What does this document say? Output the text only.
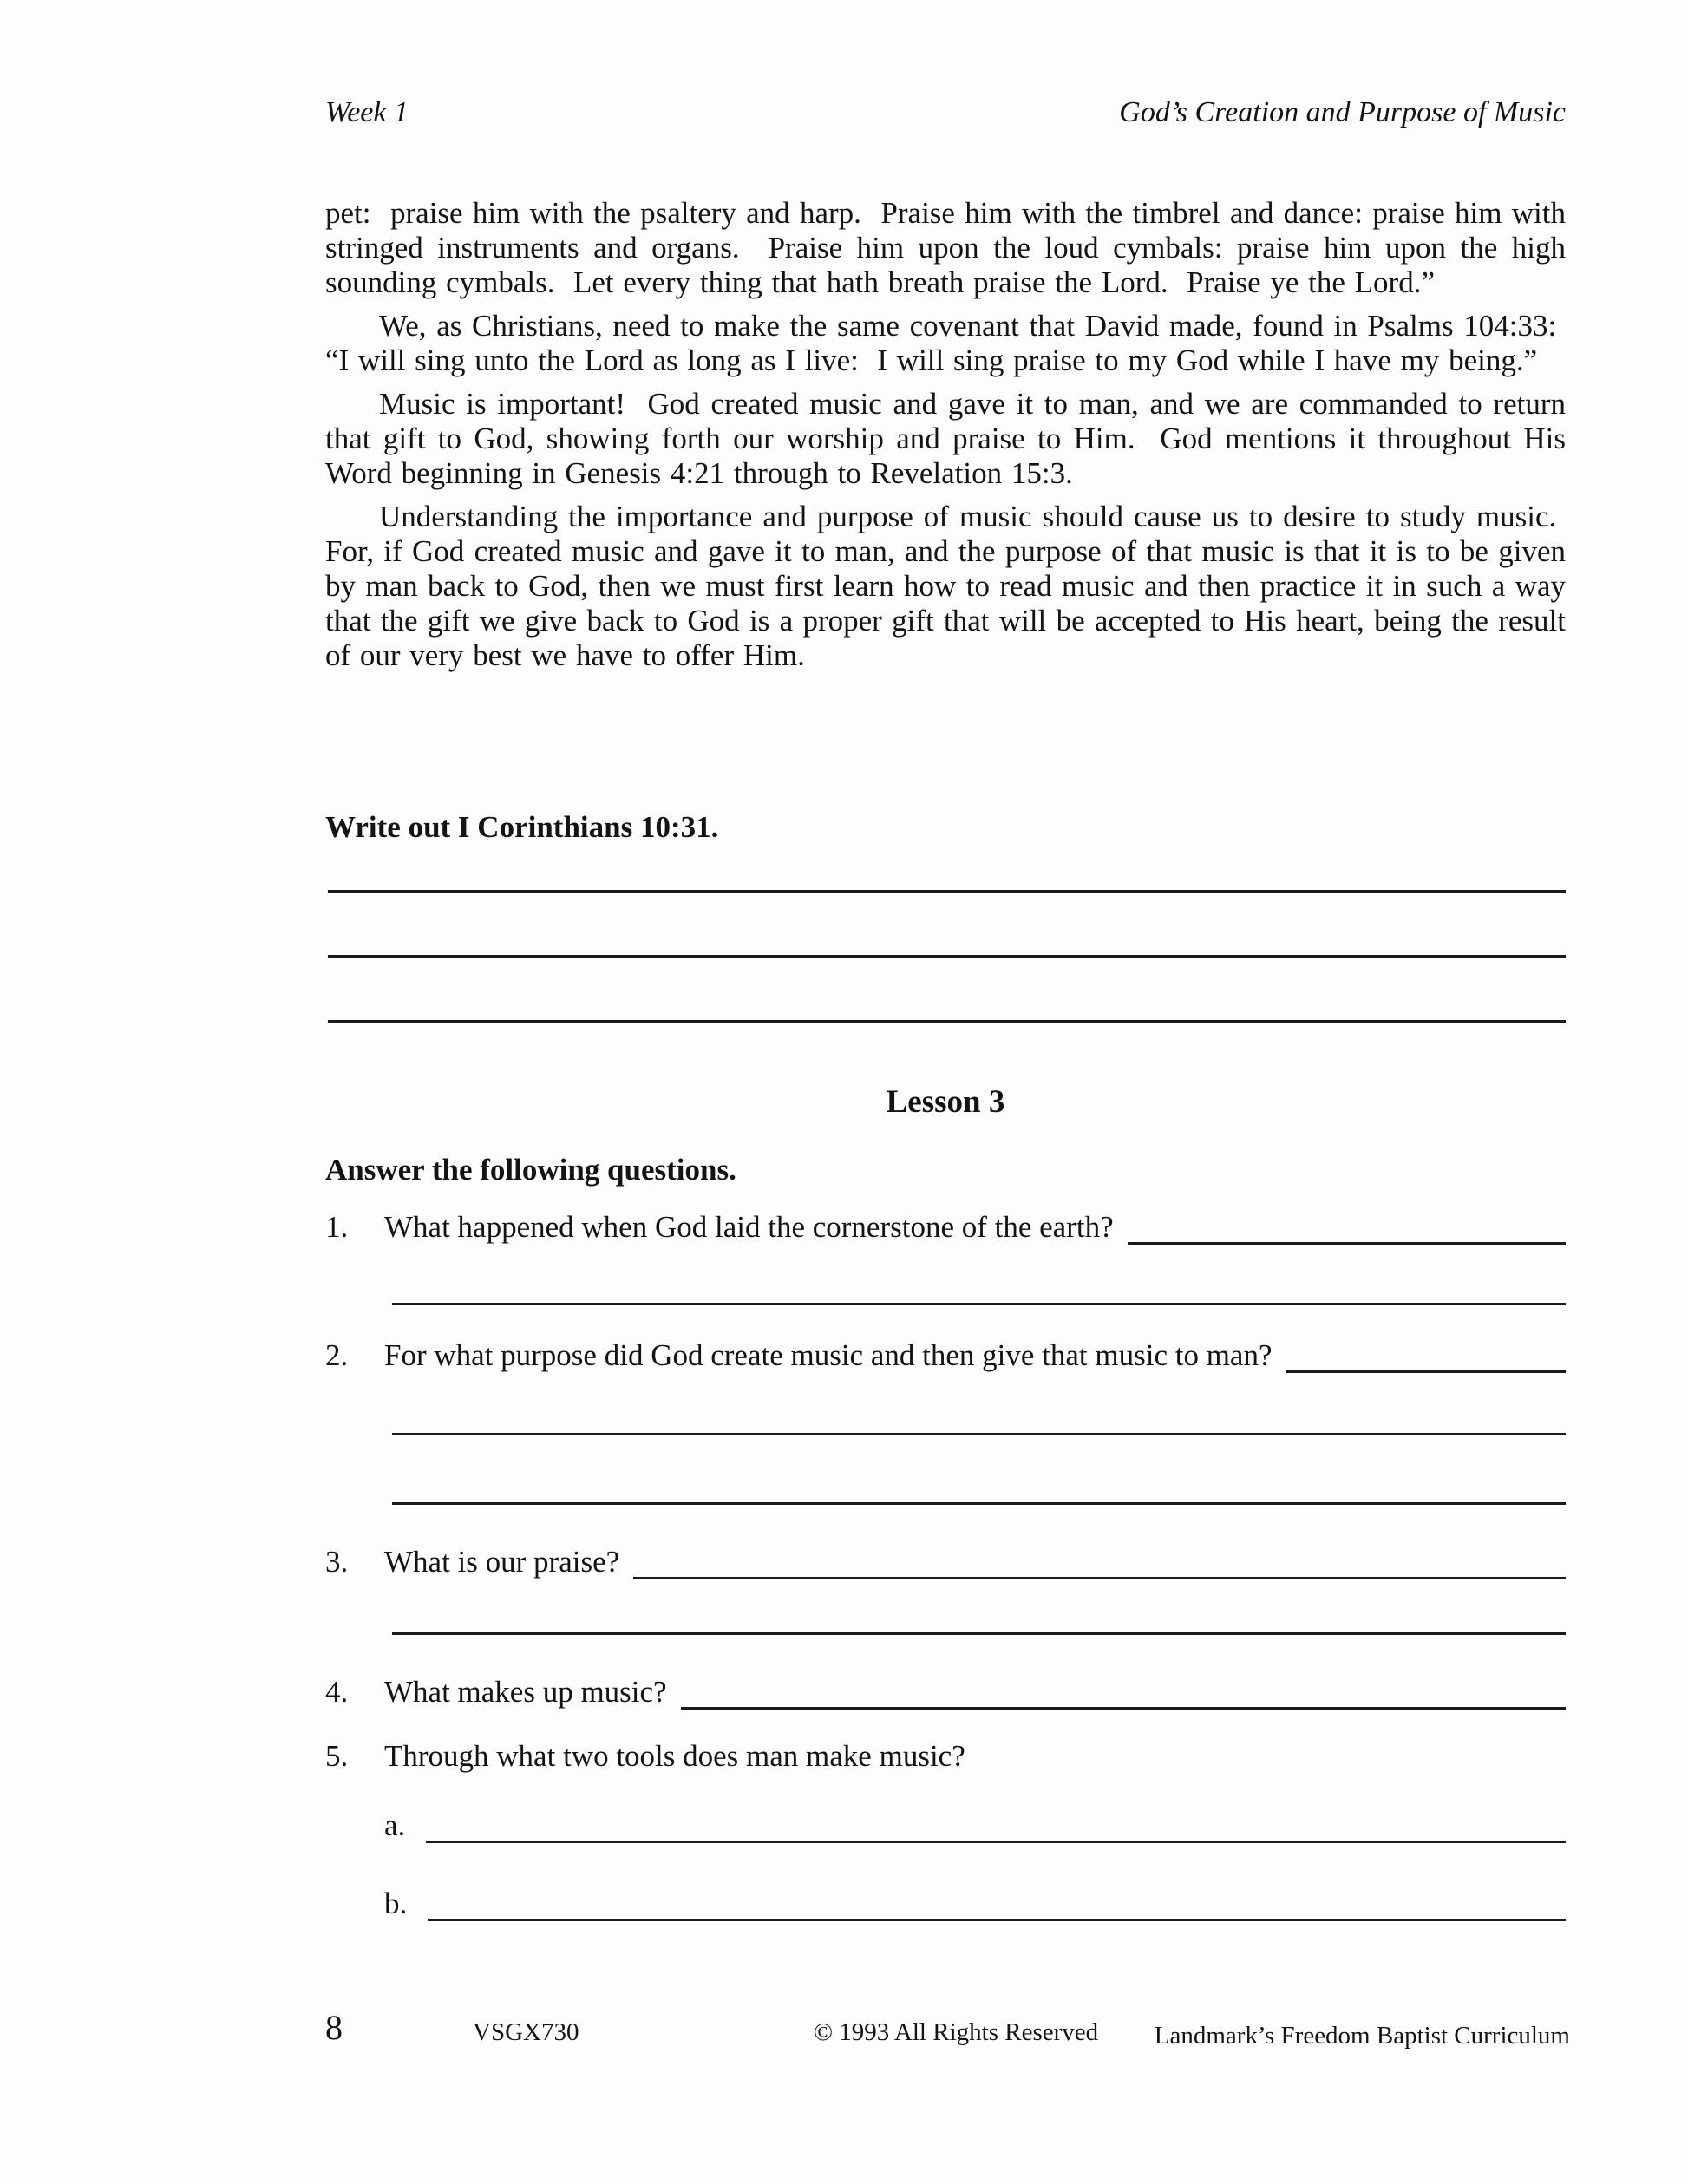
Week 1	God’s Creation and Purpose of Music

pet:  praise him with the psaltery and harp.  Praise him with the timbrel and dance: praise him with stringed instruments and organs.  Praise him upon the loud cymbals: praise him upon the high sounding cymbals.  Let every thing that hath breath praise the Lord.  Praise ye the Lord.”

We, as Christians, need to make the same covenant that David made, found in Psalms 104:33:  “I will sing unto the Lord as long as I live:  I will sing praise to my God while I have my being.”

Music is important!  God created music and gave it to man, and we are commanded to return that gift to God, showing forth our worship and praise to Him.  God mentions it throughout His Word beginning in Genesis 4:21 through to Revelation 15:3.

Understanding the importance and purpose of music should cause us to desire to study music.  For, if God created music and gave it to man, and the purpose of that music is that it is to be given by man back to God, then we must first learn how to read music and then practice it in such a way that the gift we give back to God is a proper gift that will be accepted to His heart, being the result of our very best we have to offer Him.

Write out I Corinthians 10:31.
Lesson 3
Answer the following questions.
1.	What happened when God laid the cornerstone of the earth?
2.	For what purpose did God create music and then give that music to man?
3.	What is our praise?
4.	What makes up music?
5.	Through what two tools does man make music?
a.
b.
8	VSGX730	© 1993 All Rights Reserved Landmark’s Freedom Baptist Curriculum
